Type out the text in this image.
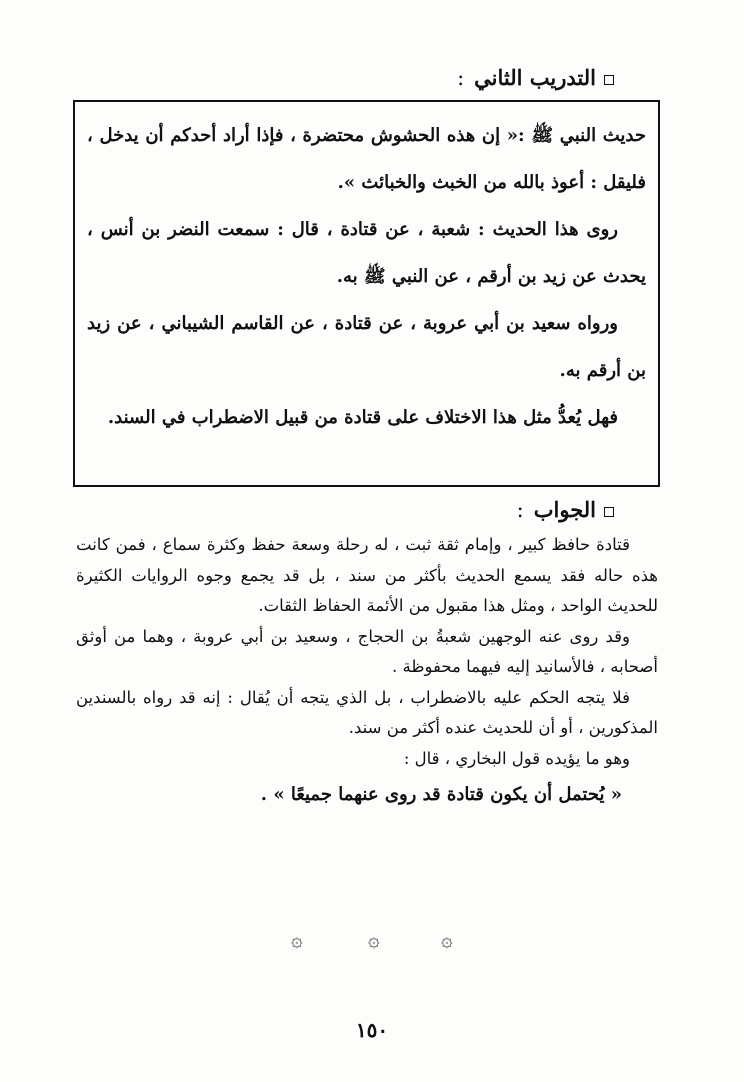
التدريب الثاني:

حديث النبي ﷺ :« إن هذه الحشوش محتضرة ، فإذا أراد أحدكم أن يدخل ، فليقل : أعوذ بالله من الخبث والخبائث ».

روى هذا الحديث : شعبة ، عن قتادة ، قال : سمعت النضر بن أنس ، يحدث عن زيد بن أرقم ، عن النبي ﷺ به.

ورواه سعيد بن أبي عروبة ، عن قتادة ، عن القاسم الشيباني ، عن زيد بن أرقم به.

فهل يُعدُّ مثل هذا الاختلاف على قتادة من قبيل الاضطراب في السند.

الجواب:

قتادة حافظ كبير ، وإمام ثقة ثبت ، له رحلة وسعة حفظ وكثرة سماع ، فمن كانت هذه حاله فقد يسمع الحديث بأكثر من سند ، بل قد يجمع وجوه الروايات الكثيرة للحديث الواحد ، ومثل هذا مقبول من الأئمة الحفاظ الثقات.

وقد روى عنه الوجهين شعبةُ بن الحجاج ، وسعيد بن أبي عروبة ، وهما من أوثق أصحابه ، فالأسانيد إليه فيهما محفوظة .

فلا يتجه الحكم عليه بالاضطراب ، بل الذي يتجه أن يُقال : إنه قد رواه بالسندين المذكورين ، أو أن للحديث عنده أكثر من سند.

وهو ما يؤيده قول البخاري ، قال :

« يُحتمل أن يكون قتادة قد روى عنهما جميعًا » .

۞	۞	۞
١٥٠
